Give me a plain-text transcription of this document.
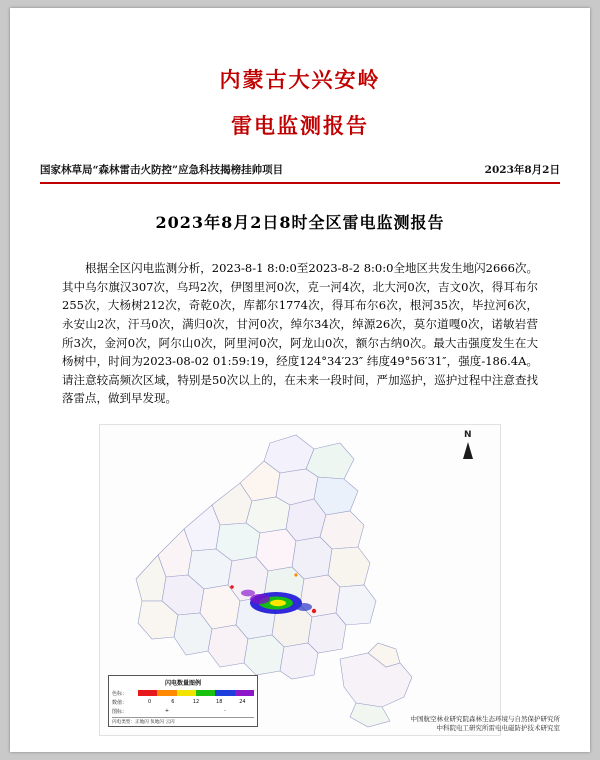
内蒙古大兴安岭
雷电监测报告
国家林草局“森林雷击火防控”应急科技揭榜挂帅项目	2023年8月2日
2023年8月2日8时全区雷电监测报告
根据全区闪电监测分析，2023-8-1 8:0:0至2023-8-2 8:0:0全地区共发生地闪2666次。其中乌尔旗汉307次，乌玛2次，伊图里河0次，克一河4次，北大河0次，吉文0次，得耳布尔255次，大杨树212次，奇乾0次，库都尔1774次，得耳布尔6次，根河35次，毕拉河6次，永安山2次，汗马0次，满归0次，甘河0次，绰尔34次，绰源26次，莫尔道嘎0次，诺敏岩营所3次，金河0次，阿尔山0次，阿里河0次，阿龙山0次，额尔古纳0次。最大击强度发生在大杨树中，时间为2023-08-02 01:59:19，经度124°34′23″ 纬度49°56′31″，强度-186.4A。请注意较高频次区域，特别是50次以上的，在未来一段时间，严加巡护，巡护过程中注意查找落雷点，做到早发现。
N
闪电数量图例
色标：
数值：	0	6	12	18	24
图标：	+	-
闪电类型：正地闪 负地闪 云闪	中国航空林业研究院森林生态环境与自然保护研究所
中科院电工研究所雷电电磁防护技术研究室
